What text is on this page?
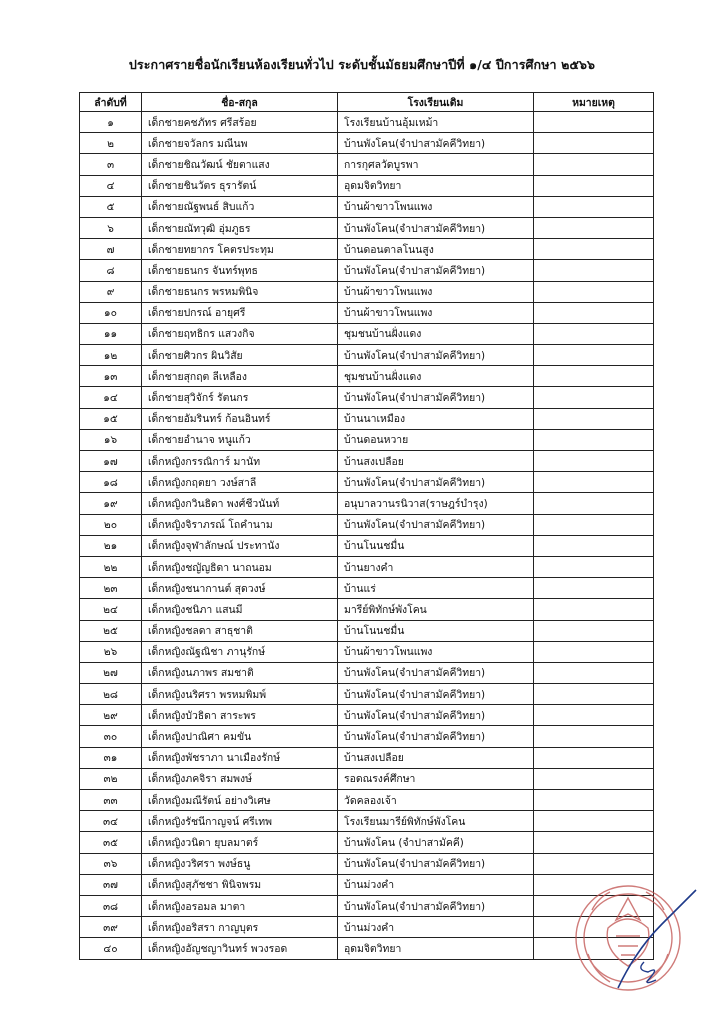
ประกาศรายชื่อนักเรียนห้องเรียนทั่วไป ระดับชั้นมัธยมศึกษาปีที่ ๑/๔ ปีการศึกษา ๒๕๖๖
ลำดับที่	ชื่อ-สกุล	โรงเรียนเดิม	หมายเหตุ
๑	เด็กชายคชภัทร ศรีสร้อย	โรงเรียนบ้านอุ้มเหม้า	
๒	เด็กชายจวัลกร มณีนพ	บ้านพังโคน(จำปาสามัคคีวิทยา)	
๓	เด็กชายชิณวัฒน์ ชัยตาแสง	การกุศลวัดบูรพา	
๔	เด็กชายชินวัตร ธุรารัตน์	อุดมจิตวิทยา	
๕	เด็กชายณัฐพนธ์ สิบแก้ว	บ้านผ้าขาวโพนแพง	
๖	เด็กชายณัทวุฒิ อุ่มภูธร	บ้านพังโคน(จำปาสามัคคีวิทยา)	
๗	เด็กชายทยากร โคตรประทุม	บ้านดอนตาลโนนสูง	
๘	เด็กชายธนกร จันทร์พุทธ	บ้านพังโคน(จำปาสามัคคีวิทยา)	
๙	เด็กชายธนกร พรหมพินิจ	บ้านผ้าขาวโพนแพง	
๑๐	เด็กชายปกรณ์ อายุศรี	บ้านผ้าขาวโพนแพง	
๑๑	เด็กชายฤทธิกร แสวงกิจ	ชุมชนบ้านฝั่งแดง	
๑๒	เด็กชายศิวกร ผินวิสัย	บ้านพังโคน(จำปาสามัคคีวิทยา)	
๑๓	เด็กชายสุกฤต ลีเหลือง	ชุมชนบ้านฝั่งแดง	
๑๔	เด็กชายสุวิจักร์ รัตนกร	บ้านพังโคน(จำปาสามัคคีวิทยา)	
๑๕	เด็กชายอัมรินทร์ ก้อนอินทร์	บ้านนาเหมือง	
๑๖	เด็กชายอำนาจ หนูแก้ว	บ้านดอนหวาย	
๑๗	เด็กหญิงกรรณิการ์ มานัท	บ้านสงเปลือย	
๑๘	เด็กหญิงกฤตยา วงษ์สาลี	บ้านพังโคน(จำปาสามัคคีวิทยา)	
๑๙	เด็กหญิงกวินธิดา พงศ์ชีวนันท์	อนุบาลวานรนิวาส(ราษฎร์บำรุง)	
๒๐	เด็กหญิงจิราภรณ์ โถคำนาม	บ้านพังโคน(จำปาสามัคคีวิทยา)	
๒๑	เด็กหญิงจุฬาลักษณ์ ประทานัง	บ้านโนนชมื่น	
๒๒	เด็กหญิงชญัญธิดา นาถนอม	บ้านยางคำ	
๒๓	เด็กหญิงชนากานต์ สุดวงษ์	บ้านแร่	
๒๔	เด็กหญิงชนิภา แสนมี	มารีย์พิทักษ์พังโคน	
๒๕	เด็กหญิงชลดา สาธุชาติ	บ้านโนนชมื่น	
๒๖	เด็กหญิงณัฐณิชา ภานุรักษ์	บ้านผ้าขาวโพนแพง	
๒๗	เด็กหญิงนภาพร สมชาติ	บ้านพังโคน(จำปาสามัคคีวิทยา)	
๒๘	เด็กหญิงนริศรา พรหมพิมพ์	บ้านพังโคน(จำปาสามัคคีวิทยา)	
๒๙	เด็กหญิงบัวธิดา สาระพร	บ้านพังโคน(จำปาสามัคคีวิทยา)	
๓๐	เด็กหญิงปาณิศา คมขัน	บ้านพังโคน(จำปาสามัคคีวิทยา)	
๓๑	เด็กหญิงพัชราภา นาเมืองรักษ์	บ้านสงเปลือย	
๓๒	เด็กหญิงภคจิรา สมพงษ์	รอดณรงค์ศึกษา	
๓๓	เด็กหญิงมณีรัตน์ อย่างวิเศษ	วัดคลองเจ้า	
๓๔	เด็กหญิงรัชนีกาญจน์ ศรีเทพ	โรงเรียนมารีย์พิทักษ์พังโคน	
๓๕	เด็กหญิงวนิดา ยุบลมาตร์	บ้านพังโคน (จำปาสามัคคี)	
๓๖	เด็กหญิงวริศรา พงษ์ธนู	บ้านพังโคน(จำปาสามัคคีวิทยา)	
๓๗	เด็กหญิงสุภัชชา พินิจพรม	บ้านม่วงคำ	
๓๘	เด็กหญิงอรอมล มาตา	บ้านพังโคน(จำปาสามัคคีวิทยา)	
๓๙	เด็กหญิงอริสรา กาญบุตร	บ้านม่วงคำ	
๔๐	เด็กหญิงอัญชญาวินทร์ พวงรอด	อุดมจิตวิทยา	
